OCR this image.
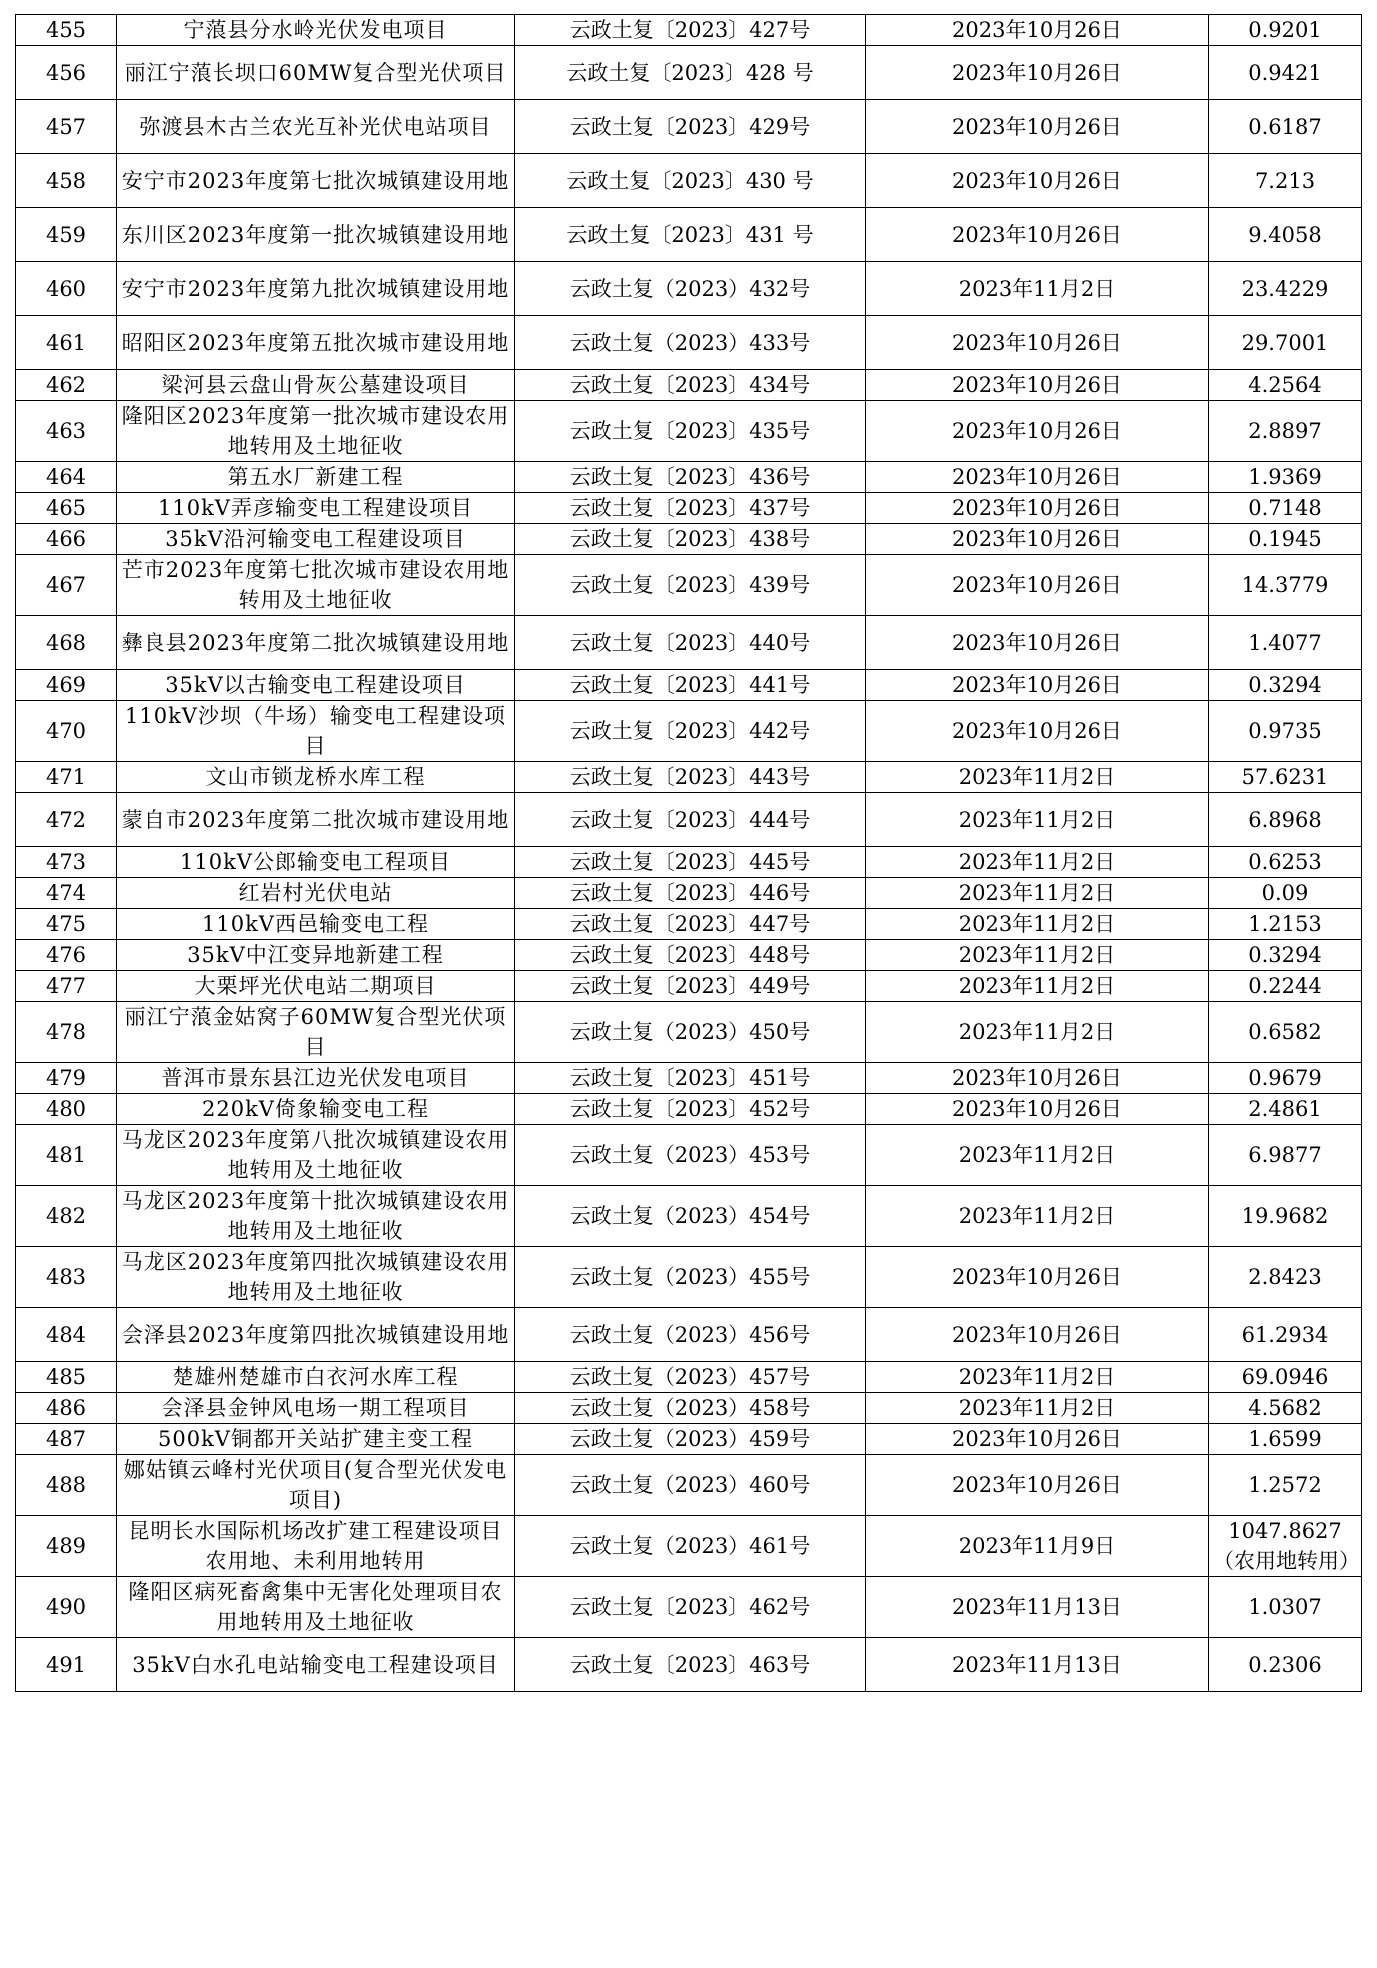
455	宁蒗县分水岭光伏发电项目	云政土复〔2023〕427号	2023年10月26日	0.9201
456	丽江宁蒗长坝口60MW复合型光伏项目	云政土复〔2023〕428 号	2023年10月26日	0.9421
457	弥渡县木古兰农光互补光伏电站项目	云政土复〔2023〕429号	2023年10月26日	0.6187
458	安宁市2023年度第七批次城镇建设用地	云政土复〔2023〕430 号	2023年10月26日	7.213
459	东川区2023年度第一批次城镇建设用地	云政土复〔2023〕431 号	2023年10月26日	9.4058
460	安宁市2023年度第九批次城镇建设用地	云政土复（2023）432号	2023年11月2日	23.4229
461	昭阳区2023年度第五批次城市建设用地	云政土复（2023）433号	2023年10月26日	29.7001
462	梁河县云盘山骨灰公墓建设项目	云政土复〔2023〕434号	2023年10月26日	4.2564
463	隆阳区2023年度第一批次城市建设农用地转用及土地征收	云政土复〔2023〕435号	2023年10月26日	2.8897
464	第五水厂新建工程	云政土复〔2023〕436号	2023年10月26日	1.9369
465	110kV弄彦输变电工程建设项目	云政土复〔2023〕437号	2023年10月26日	0.7148
466	35kV沿河输变电工程建设项目	云政土复〔2023〕438号	2023年10月26日	0.1945
467	芒市2023年度第七批次城市建设农用地转用及土地征收	云政土复〔2023〕439号	2023年10月26日	14.3779
468	彝良县2023年度第二批次城镇建设用地	云政土复〔2023〕440号	2023年10月26日	1.4077
469	35kV以古输变电工程建设项目	云政土复〔2023〕441号	2023年10月26日	0.3294
470	110kV沙坝（牛场）输变电工程建设项目	云政土复〔2023〕442号	2023年10月26日	0.9735
471	文山市锁龙桥水库工程	云政土复〔2023〕443号	2023年11月2日	57.6231
472	蒙自市2023年度第二批次城市建设用地	云政土复〔2023〕444号	2023年11月2日	6.8968
473	110kV公郎输变电工程项目	云政土复〔2023〕445号	2023年11月2日	0.6253
474	红岩村光伏电站	云政土复〔2023〕446号	2023年11月2日	0.09
475	110kV西邑输变电工程	云政土复〔2023〕447号	2023年11月2日	1.2153
476	35kV中江变异地新建工程	云政土复〔2023〕448号	2023年11月2日	0.3294
477	大栗坪光伏电站二期项目	云政土复〔2023〕449号	2023年11月2日	0.2244
478	丽江宁蒗金姑窝子60MW复合型光伏项目	云政土复（2023）450号	2023年11月2日	0.6582
479	普洱市景东县江边光伏发电项目	云政土复〔2023〕451号	2023年10月26日	0.9679
480	220kV倚象输变电工程	云政土复〔2023〕452号	2023年10月26日	2.4861
481	马龙区2023年度第八批次城镇建设农用地转用及土地征收	云政土复（2023）453号	2023年11月2日	6.9877
482	马龙区2023年度第十批次城镇建设农用地转用及土地征收	云政土复（2023）454号	2023年11月2日	19.9682
483	马龙区2023年度第四批次城镇建设农用地转用及土地征收	云政土复（2023）455号	2023年10月26日	2.8423
484	会泽县2023年度第四批次城镇建设用地	云政土复（2023）456号	2023年10月26日	61.2934
485	楚雄州楚雄市白衣河水库工程	云政土复（2023）457号	2023年11月2日	69.0946
486	会泽县金钟风电场一期工程项目	云政土复（2023）458号	2023年11月2日	4.5682
487	500kV铜都开关站扩建主变工程	云政土复（2023）459号	2023年10月26日	1.6599
488	娜姑镇云峰村光伏项目(复合型光伏发电项目)	云政土复（2023）460号	2023年10月26日	1.2572
489	昆明长水国际机场改扩建工程建设项目农用地、未利用地转用	云政土复（2023）461号	2023年11月9日	1047.8627（农用地转用）
490	隆阳区病死畜禽集中无害化处理项目农用地转用及土地征收	云政土复〔2023〕462号	2023年11月13日	1.0307
491	35kV白水孔电站输变电工程建设项目	云政土复〔2023〕463号	2023年11月13日	0.2306
